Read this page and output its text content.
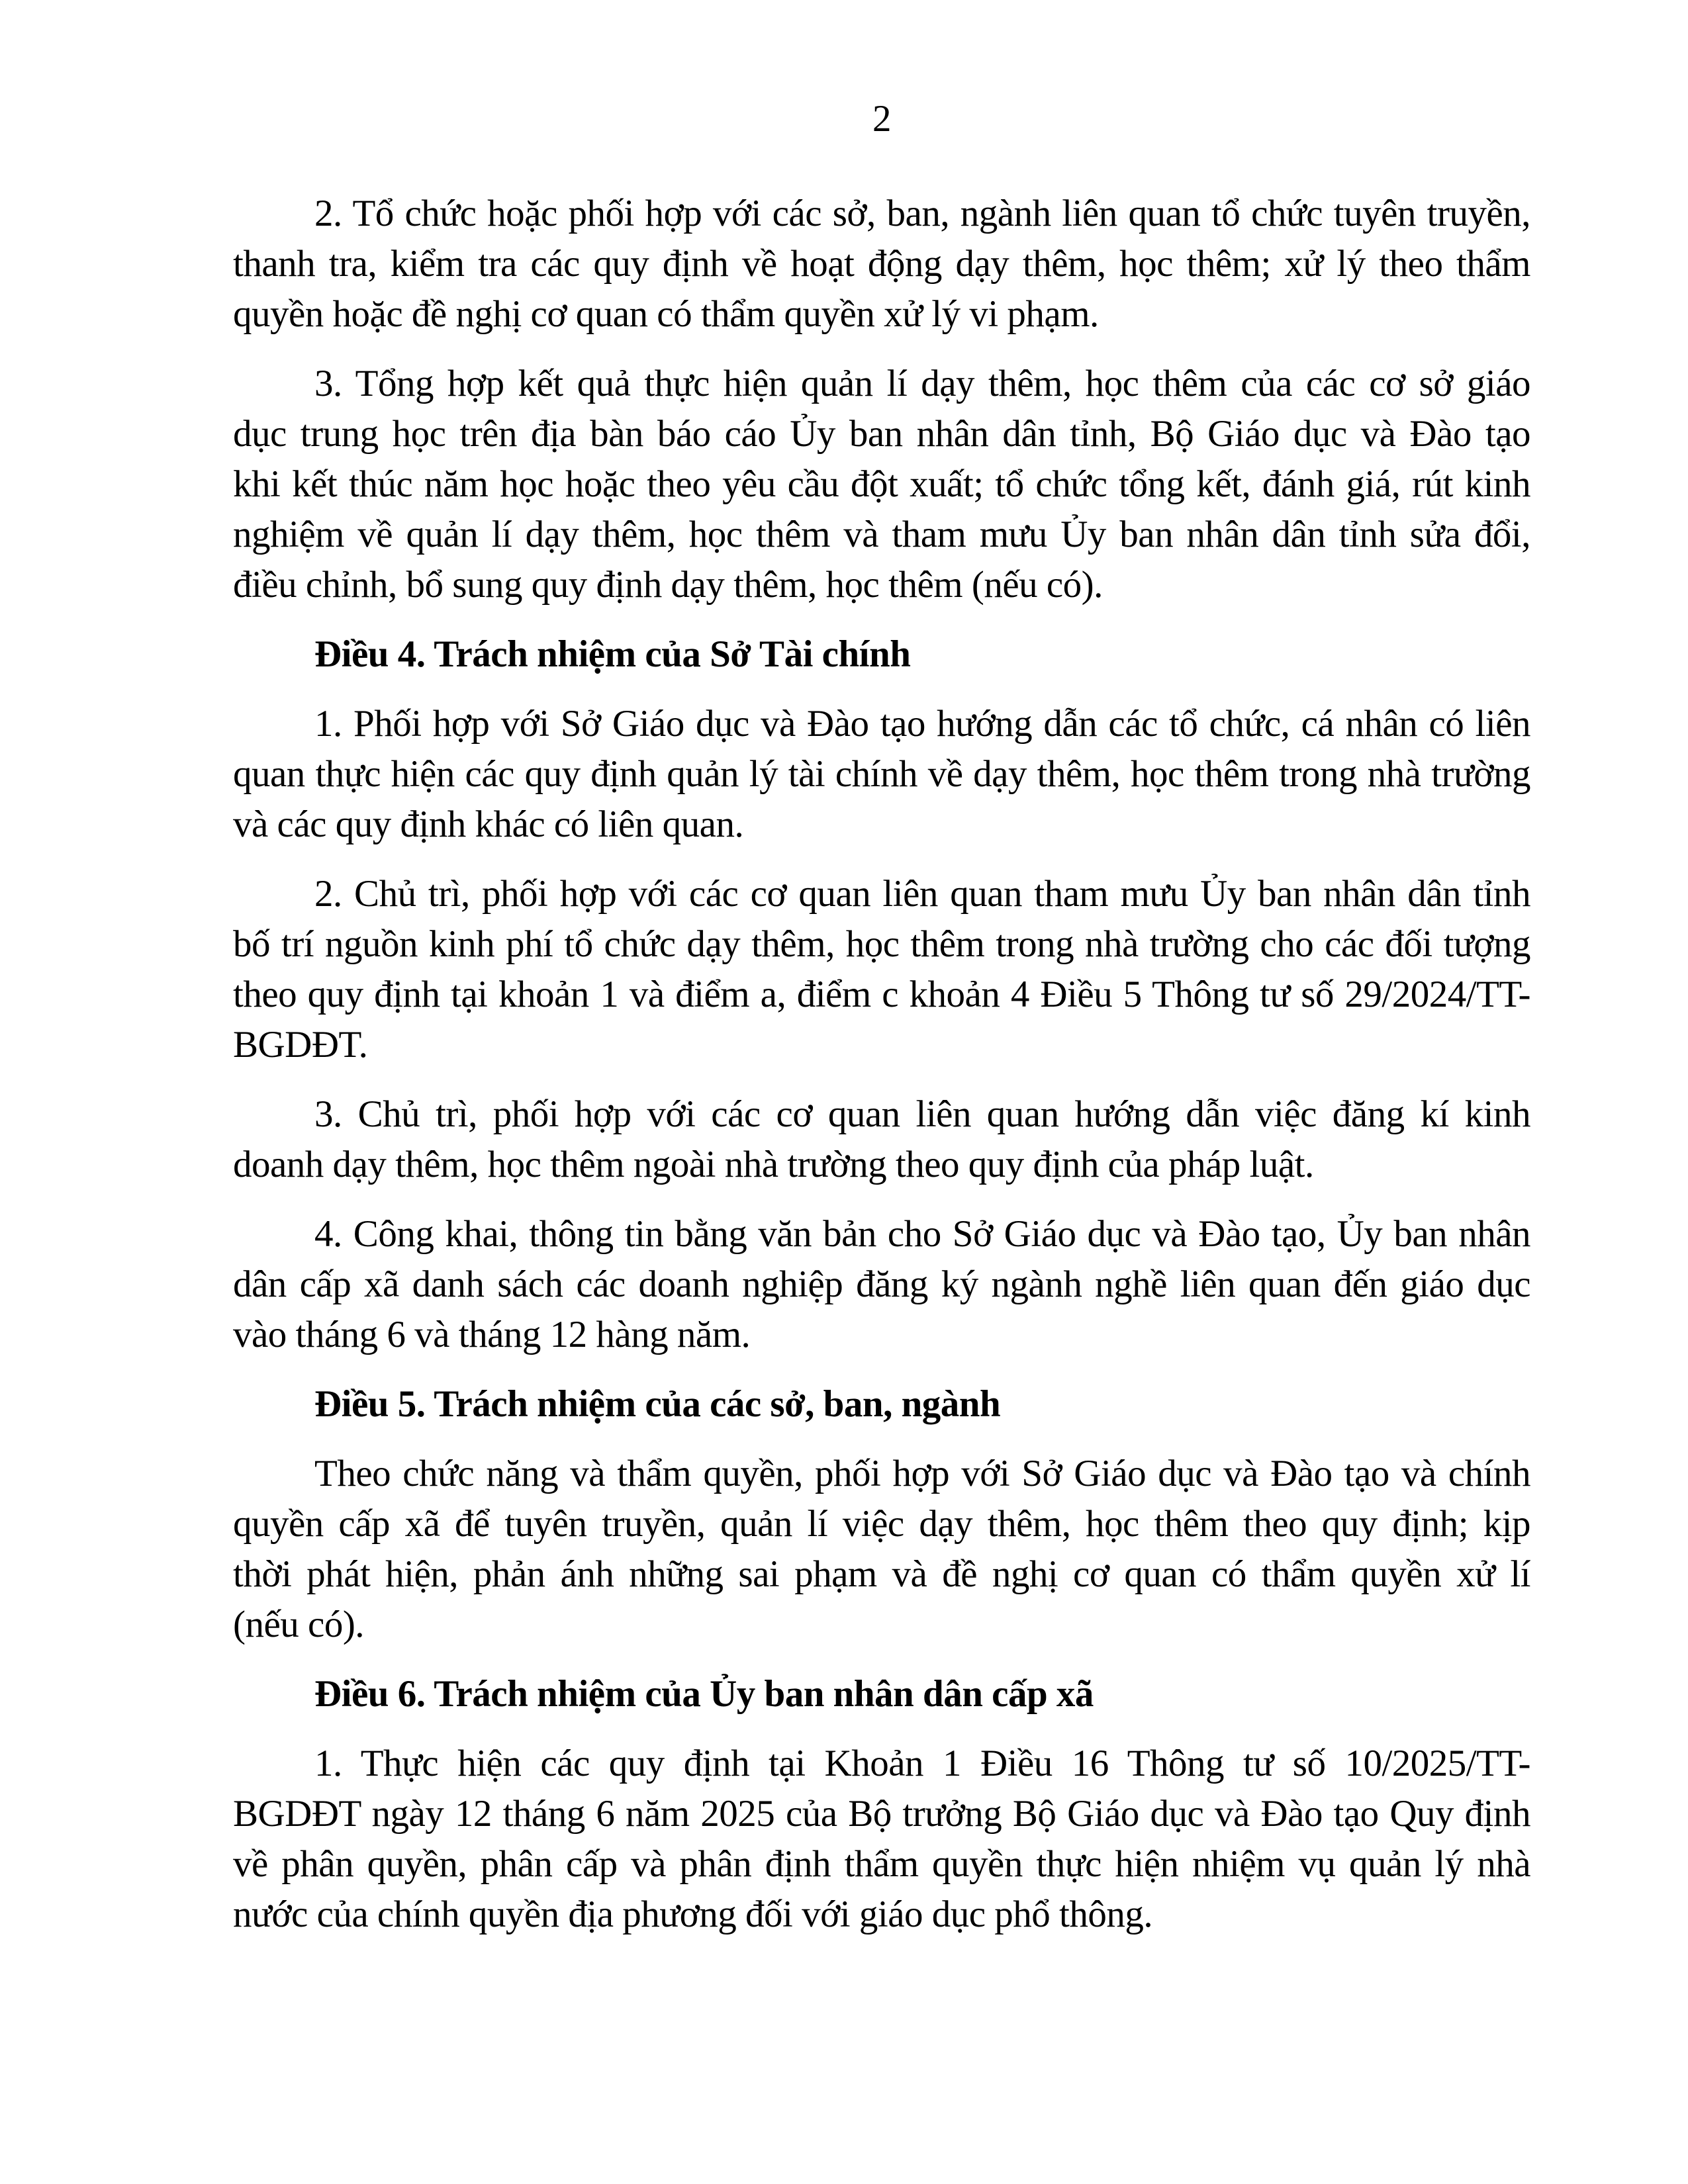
2
2. Tổ chức hoặc phối hợp với các sở, ban, ngành liên quan tổ chức tuyên truyền,
thanh tra, kiểm tra các quy định về hoạt động dạy thêm, học thêm; xử lý theo thẩm
quyền hoặc đề nghị cơ quan có thẩm quyền xử lý vi phạm.
3. Tổng hợp kết quả thực hiện quản lí dạy thêm, học thêm của các cơ sở giáo
dục trung học trên địa bàn báo cáo Ủy ban nhân dân tỉnh, Bộ Giáo dục và Đào tạo
khi kết thúc năm học hoặc theo yêu cầu đột xuất; tổ chức tổng kết, đánh giá, rút kinh
nghiệm về quản lí dạy thêm, học thêm và tham mưu Ủy ban nhân dân tỉnh sửa đổi,
điều chỉnh, bổ sung quy định dạy thêm, học thêm (nếu có).
Điều 4. Trách nhiệm của Sở Tài chính
1. Phối hợp với Sở Giáo dục và Đào tạo hướng dẫn các tổ chức, cá nhân có liên
quan thực hiện các quy định quản lý tài chính về dạy thêm, học thêm trong nhà trường
và các quy định khác có liên quan.
2. Chủ trì, phối hợp với các cơ quan liên quan tham mưu Ủy ban nhân dân tỉnh
bố trí nguồn kinh phí tổ chức dạy thêm, học thêm trong nhà trường cho các đối tượng
theo quy định tại khoản 1 và điểm a, điểm c khoản 4 Điều 5 Thông tư số 29/2024/TT-
BGDĐT.
3. Chủ trì, phối hợp với các cơ quan liên quan hướng dẫn việc đăng kí kinh
doanh dạy thêm, học thêm ngoài nhà trường theo quy định của pháp luật.
4. Công khai, thông tin bằng văn bản cho Sở Giáo dục và Đào tạo, Ủy ban nhân
dân cấp xã danh sách các doanh nghiệp đăng ký ngành nghề liên quan đến giáo dục
vào tháng 6 và tháng 12 hàng năm.
Điều 5. Trách nhiệm của các sở, ban, ngành
Theo chức năng và thẩm quyền, phối hợp với Sở Giáo dục và Đào tạo và chính
quyền cấp xã để tuyên truyền, quản lí việc dạy thêm, học thêm theo quy định; kịp
thời phát hiện, phản ánh những sai phạm và đề nghị cơ quan có thẩm quyền xử lí
(nếu có).
Điều 6. Trách nhiệm của Ủy ban nhân dân cấp xã
1. Thực hiện các quy định tại Khoản 1 Điều 16 Thông tư số 10/2025/TT-
BGDĐT ngày 12 tháng 6 năm 2025 của Bộ trưởng Bộ Giáo dục và Đào tạo Quy định
về phân quyền, phân cấp và phân định thẩm quyền thực hiện nhiệm vụ quản lý nhà
nước của chính quyền địa phương đối với giáo dục phổ thông.
